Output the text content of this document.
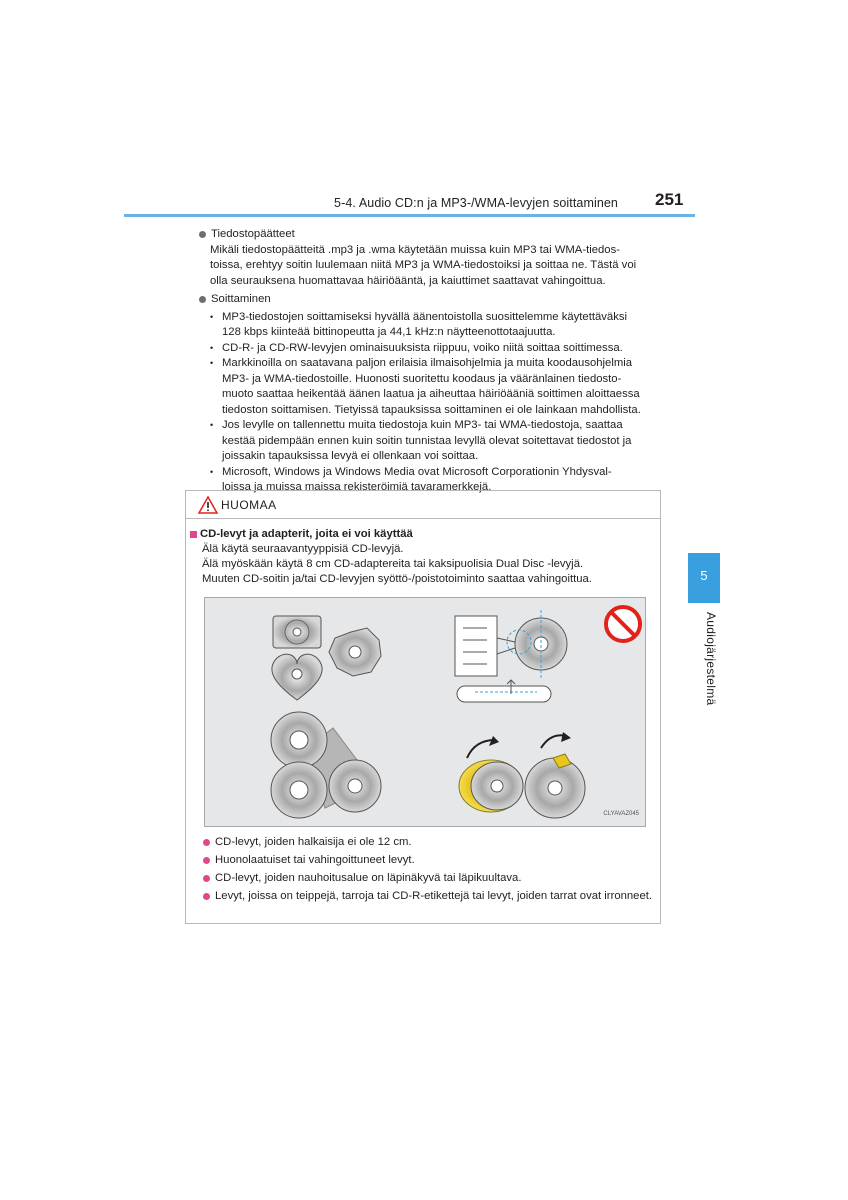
5-4. Audio CD:n ja MP3-/WMA-levyjen soittaminen 251
5
Audiojärjestelmä
Tiedostopäätteet
Mikäli tiedostopäätteitä .mp3 ja .wma käytetään muissa kuin MP3 tai WMA-tiedos-
toissa, erehtyy soitin luulemaan niitä MP3 ja WMA-tiedostoiksi ja soittaa ne. Tästä voi
olla seurauksena huomattavaa häiriöääntä, ja kaiuttimet saattavat vahingoittua.
Soittaminen
• MP3-tiedostojen soittamiseksi hyvällä äänentoistolla suosittelemme käytettäväksi
128 kbps kiinteää bittinopeutta ja 44,1 kHz:n näytteenottotaajuutta.
• CD-R- ja CD-RW-levyjen ominaisuuksista riippuu, voiko niitä soittaa soittimessa.
• Markkinoilla on saatavana paljon erilaisia ilmaisohjelmia ja muita koodausohjelmia
MP3- ja WMA-tiedostoille. Huonosti suoritettu koodaus ja vääränlainen tiedosto-
muoto saattaa heikentää äänen laatua ja aiheuttaa häiriöääniä soittimen aloittaessa
tiedoston soittamisen. Tietyissä tapauksissa soittaminen ei ole lainkaan mahdollista.
• Jos levylle on tallennettu muita tiedostoja kuin MP3- tai WMA-tiedostoja, saattaa
kestää pidempään ennen kuin soitin tunnistaa levyllä olevat soitettavat tiedostot ja
joissakin tapauksissa levyä ei ollenkaan voi soittaa.
• Microsoft, Windows ja Windows Media ovat Microsoft Corporationin Yhdysval-
loissa ja muissa maissa rekisteröimiä tavaramerkkejä.
HUOMAA
CD-levyt ja adapterit, joita ei voi käyttää
Älä käytä seuraavantyyppisiä CD-levyjä.
Älä myöskään käytä 8 cm CD-adaptereita tai kaksipuolisia Dual Disc -levyjä.
Muuten CD-soitin ja/tai CD-levyjen syöttö-/poistotoiminto saattaa vahingoittua.
CLYAVAZ045
CD-levyt, joiden halkaisija ei ole 12 cm.
Huonolaatuiset tai vahingoittuneet levyt.
CD-levyt, joiden nauhoitusalue on läpinäkyvä tai läpikuultava.
Levyt, joissa on teippejä, tarroja tai CD-R-etikettejä tai levyt, joiden tarrat ovat irronneet.
